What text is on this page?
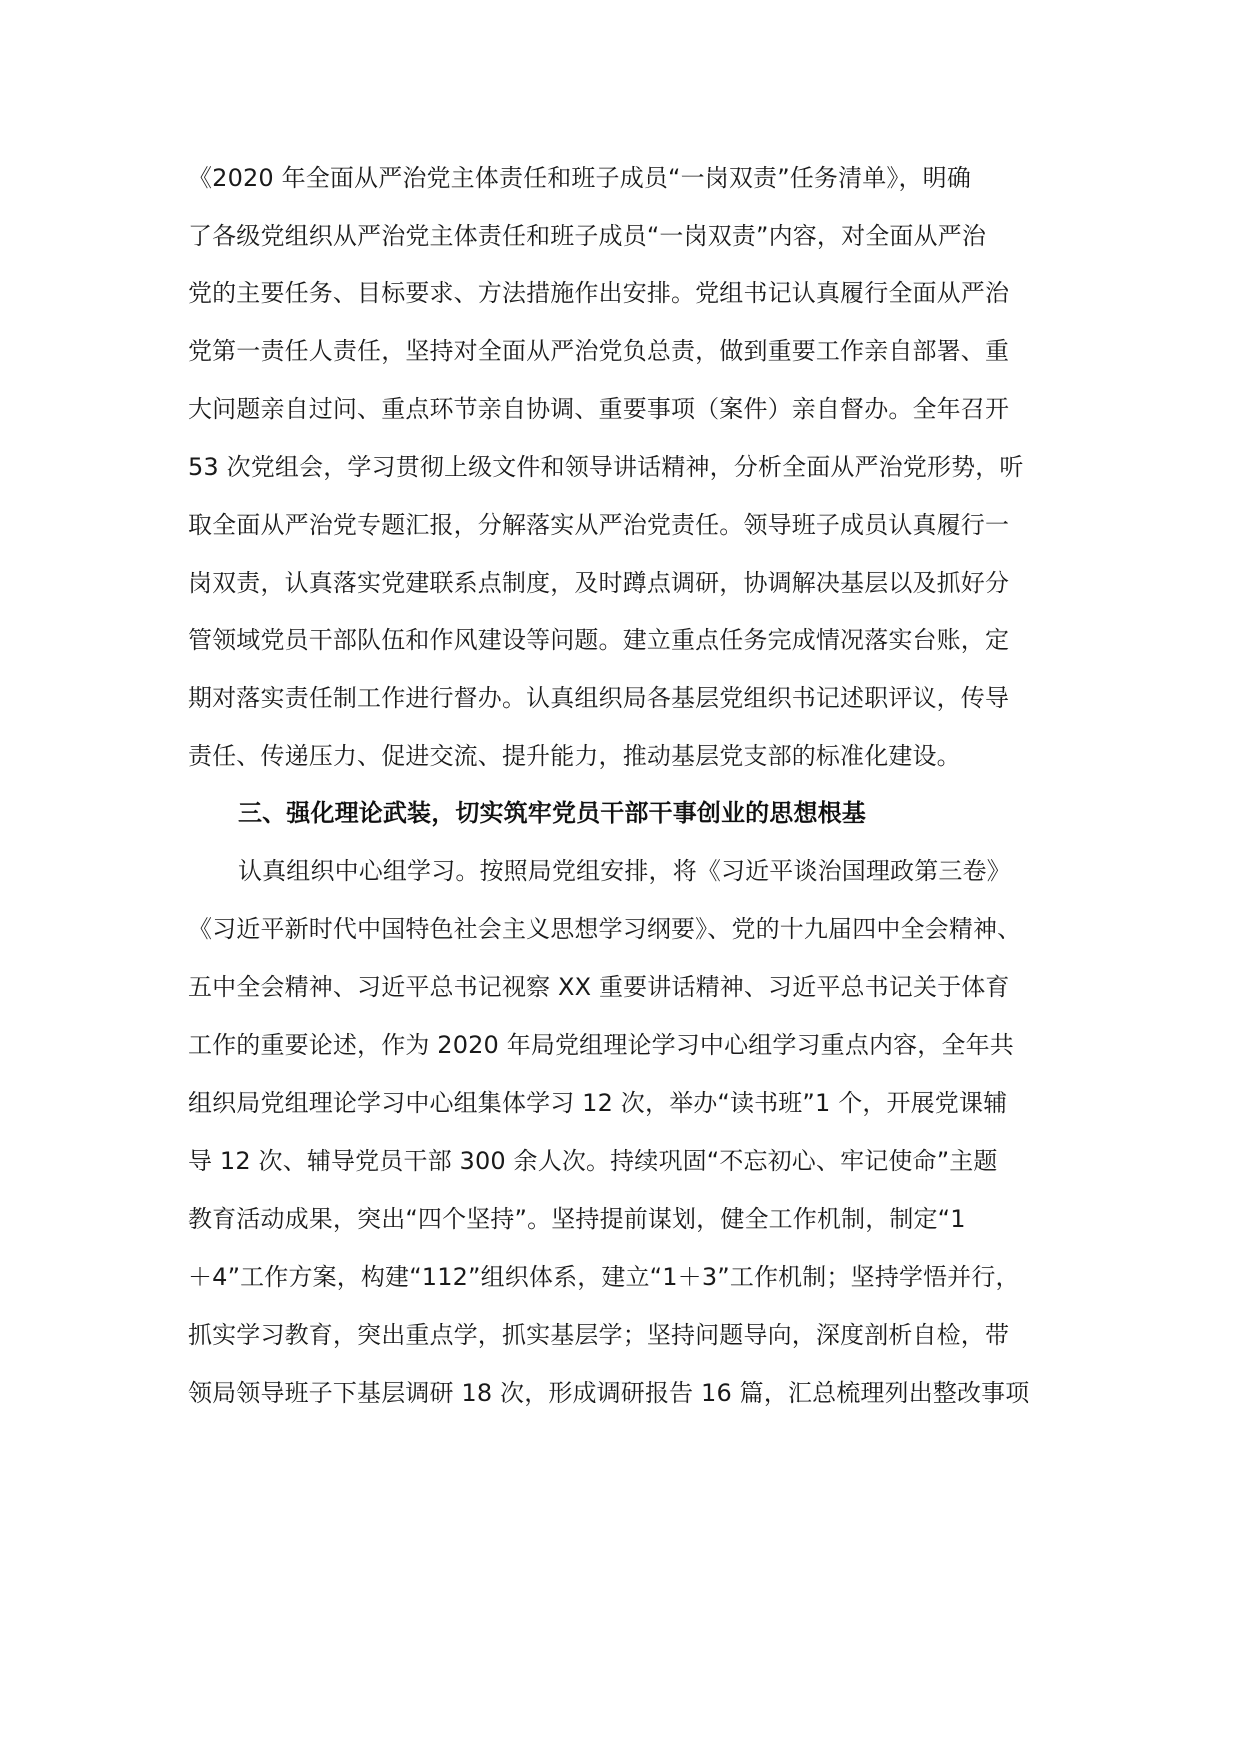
《2020 年全面从严治党主体责任和班子成员“一岗双责”任务清单》，明确
了各级党组织从严治党主体责任和班子成员“一岗双责”内容，对全面从严治
党的主要任务、目标要求、方法措施作出安排。党组书记认真履行全面从严治
党第一责任人责任，坚持对全面从严治党负总责，做到重要工作亲自部署、重
大问题亲自过问、重点环节亲自协调、重要事项（案件）亲自督办。全年召开
53 次党组会，学习贯彻上级文件和领导讲话精神，分析全面从严治党形势，听
取全面从严治党专题汇报，分解落实从严治党责任。领导班子成员认真履行一
岗双责，认真落实党建联系点制度，及时蹲点调研，协调解决基层以及抓好分
管领域党员干部队伍和作风建设等问题。建立重点任务完成情况落实台账，定
期对落实责任制工作进行督办。认真组织局各基层党组织书记述职评议，传导
责任、传递压力、促进交流、提升能力，推动基层党支部的标准化建设。
三、强化理论武装，切实筑牢党员干部干事创业的思想根基
认真组织中心组学习。按照局党组安排，将《习近平谈治国理政第三卷》
《习近平新时代中国特色社会主义思想学习纲要》、党的十九届四中全会精神、
五中全会精神、习近平总书记视察 XX 重要讲话精神、习近平总书记关于体育
工作的重要论述，作为 2020 年局党组理论学习中心组学习重点内容，全年共
组织局党组理论学习中心组集体学习 12 次，举办“读书班”1 个，开展党课辅
导 12 次、辅导党员干部 300 余人次。持续巩固“不忘初心、牢记使命”主题
教育活动成果，突出“四个坚持”。坚持提前谋划，健全工作机制，制定“1
＋4”工作方案，构建“112”组织体系，建立“1＋3”工作机制；坚持学悟并行，
抓实学习教育，突出重点学，抓实基层学；坚持问题导向，深度剖析自检，带
领局领导班子下基层调研 18 次，形成调研报告 16 篇，汇总梳理列出整改事项
